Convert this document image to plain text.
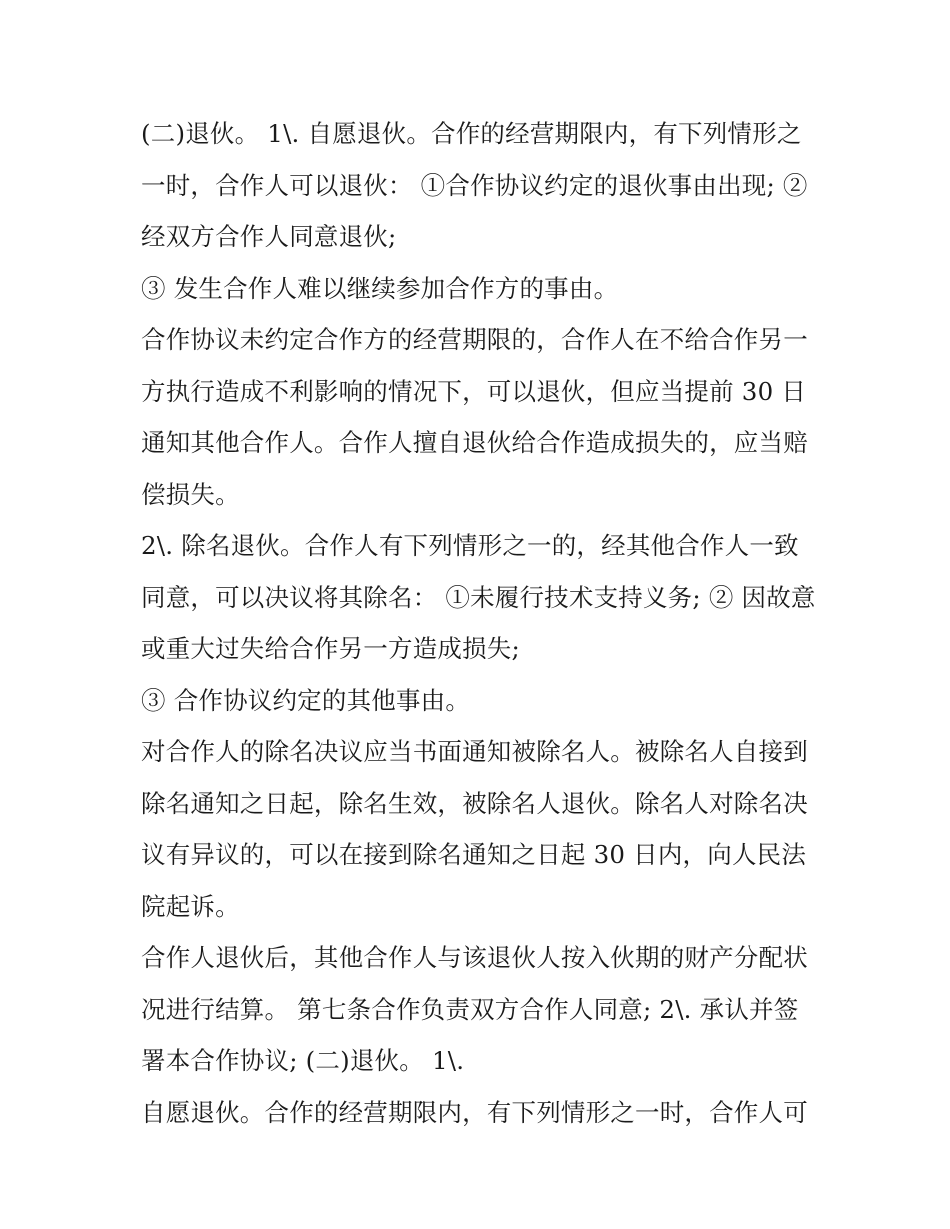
(二)退伙。 1\. 自愿退伙。合作的经营期限内，有下列情形之
一时，合作人可以退伙： ①合作协议约定的退伙事由出现; ②
经双方合作人同意退伙;

③ 发生合作人难以继续参加合作方的事由。

合作协议未约定合作方的经营期限的，合作人在不给合作另一
方执行造成不利影响的情况下，可以退伙，但应当提前 30 日
通知其他合作人。合作人擅自退伙给合作造成损失的，应当赔
偿损失。

2\. 除名退伙。合作人有下列情形之一的，经其他合作人一致
同意，可以决议将其除名： ①未履行技术支持义务; ② 因故意
或重大过失给合作另一方造成损失;

③ 合作协议约定的其他事由。

对合作人的除名决议应当书面通知被除名人。被除名人自接到
除名通知之日起，除名生效，被除名人退伙。除名人对除名决
议有异议的，可以在接到除名通知之日起 30 日内，向人民法
院起诉。

合作人退伙后，其他合作人与该退伙人按入伙期的财产分配状
况进行结算。 第七条合作负责双方合作人同意; 2\. 承认并签
署本合作协议; (二)退伙。 1\.

自愿退伙。合作的经营期限内，有下列情形之一时，合作人可
